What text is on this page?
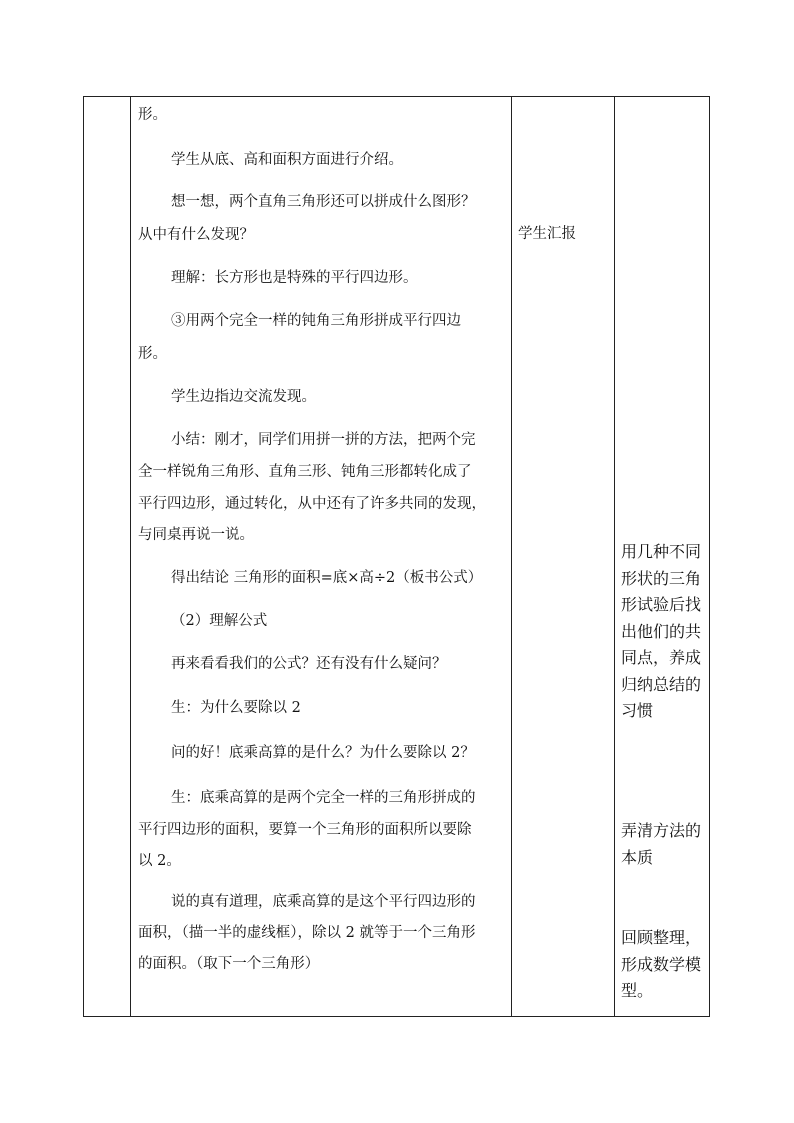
形。
学生从底、高和面积方面进行介绍。
想一想，两个直角三角形还可以拼成什么图形？
从中有什么发现？
理解：长方形也是特殊的平行四边形。
③用两个完全一样的钝角三角形拼成平行四边
形。
学生边指边交流发现。
小结：刚才，同学们用拼一拼的方法，把两个完
全一样锐角三角形、直角三形、钝角三形都转化成了
平行四边形，通过转化，从中还有了许多共同的发现，
与同桌再说一说。
得出结论 三角形的面积=底×高÷2（板书公式）
（2）理解公式
再来看看我们的公式？还有没有什么疑问？
生：为什么要除以 2
问的好！底乘高算的是什么？为什么要除以 2？
生：底乘高算的是两个完全一样的三角形拼成的
平行四边形的面积，要算一个三角形的面积所以要除
以 2。
说的真有道理，底乘高算的是这个平行四边形的
面积，（描一半的虚线框），除以 2 就等于一个三角形
的面积。（取下一个三角形）
学生汇报
用几种不同
形状的三角
形试验后找
出他们的共
同点，养成
归纳总结的
习惯
弄清方法的
本质
回顾整理，
形成数学模
型。
